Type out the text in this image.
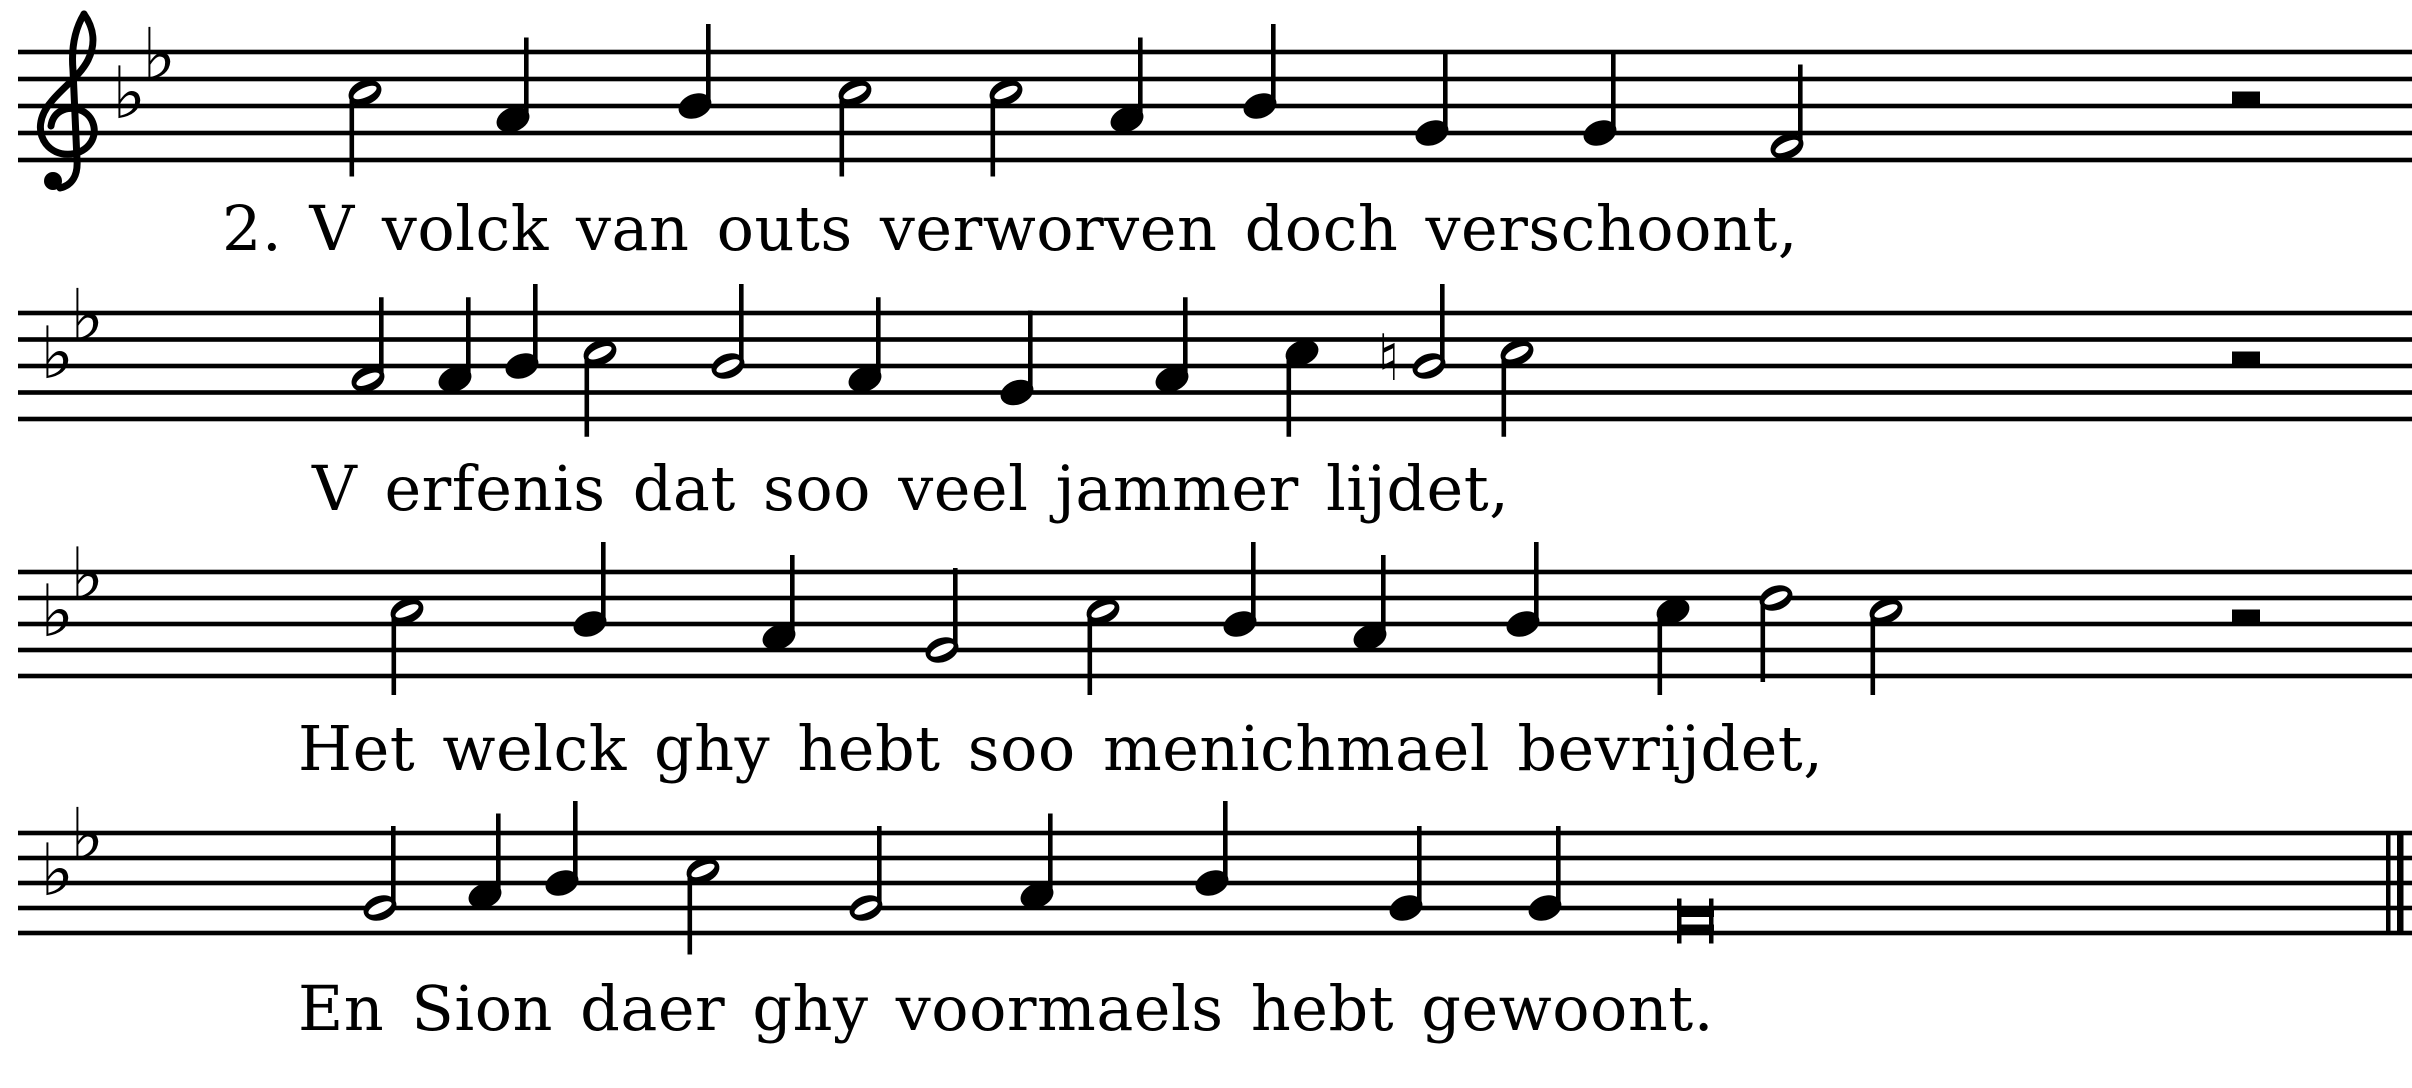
♭
♭
♭
♭
♮
♭
♭
♭
♭
2. V volck van outs verworven doch verschoont,
V erfenis dat soo veel jammer lijdet,
Het welck ghy hebt soo menichmael bevrijdet,
En Sion daer ghy voormaels hebt gewoont.
